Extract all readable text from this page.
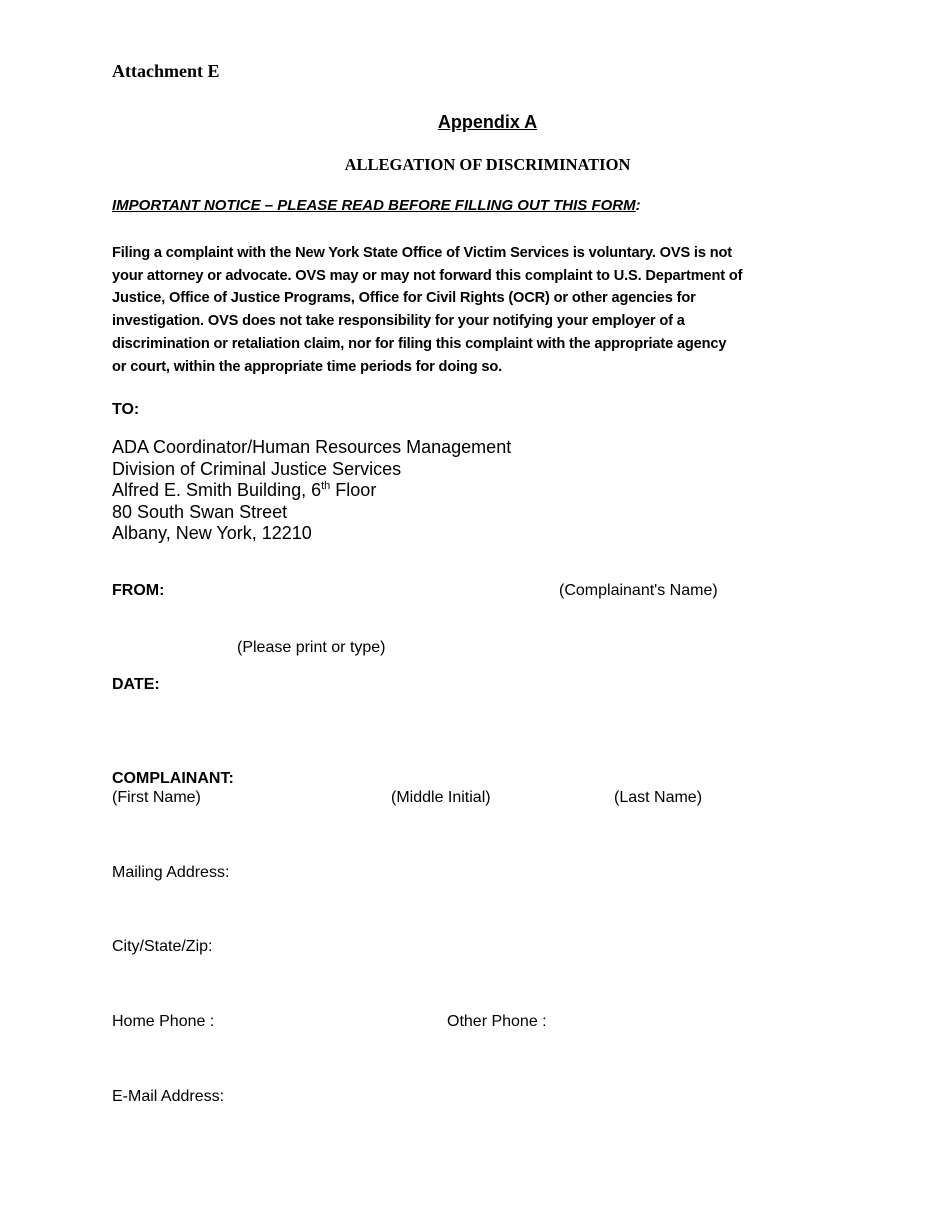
Attachment E
Appendix A
ALLEGATION OF DISCRIMINATION
IMPORTANT NOTICE – PLEASE READ BEFORE FILLING OUT THIS FORM:
Filing a complaint with the New York State Office of Victim Services is voluntary. OVS is not
your attorney or advocate. OVS may or may not forward this complaint to U.S. Department of
Justice, Office of Justice Programs, Office for Civil Rights (OCR) or other agencies for
investigation. OVS does not take responsibility for your notifying your employer of a
discrimination or retaliation claim, nor for filing this complaint with the appropriate agency
or court, within the appropriate time periods for doing so.
TO:
ADA Coordinator/Human Resources Management
Division of Criminal Justice Services
Alfred E. Smith Building, 6th Floor
80 South Swan Street
Albany, New York, 12210
FROM:	(Complainant's Name)
(Please print or type)
DATE:
COMPLAINANT:
(First Name)	(Middle Initial)	(Last Name)
Mailing Address:
City/State/Zip:
Home Phone :	Other Phone :
E-Mail Address:
